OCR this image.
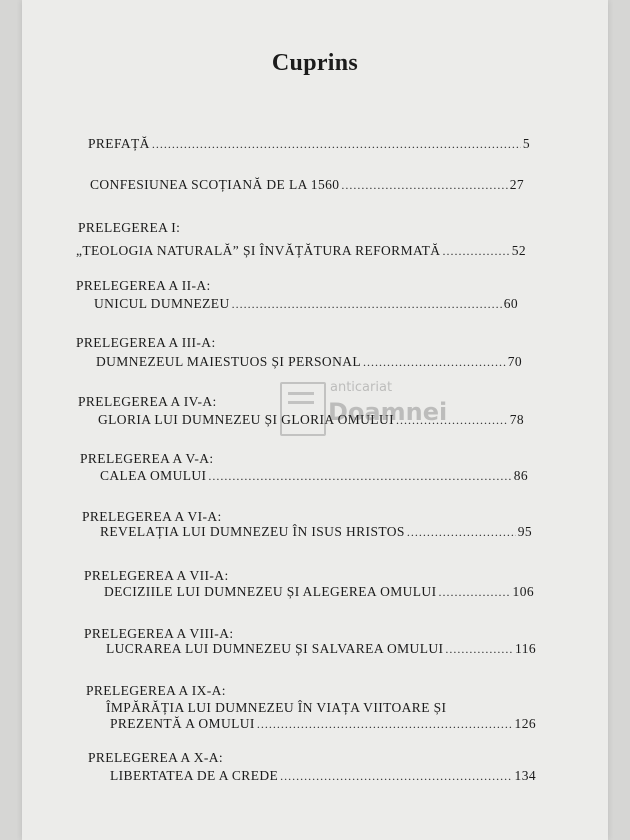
Cuprins
PREFAȚĂ .....	5
CONFESIUNEA SCOȚIANĂ DE LA 1560 .....	27
PRELEGEREA I:
„TEOLOGIA NATURALĂ” ȘI ÎNVĂȚĂTURA REFORMATĂ .....	52
PRELEGEREA A II-A:
UNICUL DUMNEZEU .....	60
PRELEGEREA A III-A:
DUMNEZEUL MAIESTUOS ȘI PERSONAL .....	70
PRELEGEREA A IV-A:
GLORIA LUI DUMNEZEU ȘI GLORIA OMULUI .....	78
PRELEGEREA A V-A:
CALEA OMULUI .....	86
PRELEGEREA A VI-A:
REVELAȚIA LUI DUMNEZEU ÎN ISUS HRISTOS .....	95
PRELEGEREA A VII-A:
DECIZIILE LUI DUMNEZEU ȘI ALEGEREA OMULUI .....	106
PRELEGEREA A VIII-A:
LUCRAREA LUI DUMNEZEU ȘI SALVAREA OMULUI .....	116
PRELEGEREA A IX-A:
ÎMPĂRĂȚIA LUI DUMNEZEU ÎN VIAȚA VIITOARE ȘI
PREZENTĂ A OMULUI .....	126
PRELEGEREA A X-A:
LIBERTATEA DE A CREDE .....	134
anticariat
Doamnei
